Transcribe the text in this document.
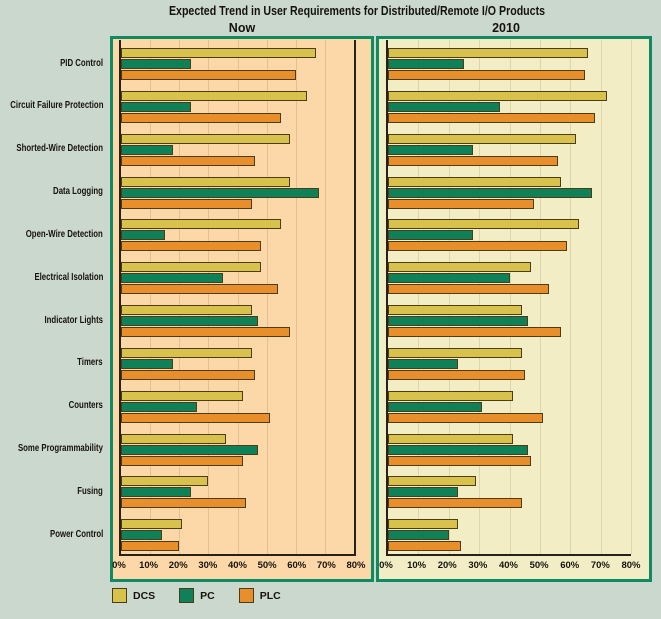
Expected Trend in User Requirements for Distributed/Remote I/O Products
Now	2010
PID Control
Circuit Failure Protection
Shorted-Wire Detection
Data Logging
Open-Wire Detection
Electrical Isolation
Indicator Lights
Timers
Counters
Some Programmability
Fusing
Power Control
0% 10% 20% 30% 40% 50% 60% 70% 80% 0% 10% 20% 30% 40% 50% 60% 70% 80%
DCS	PC	PLC
